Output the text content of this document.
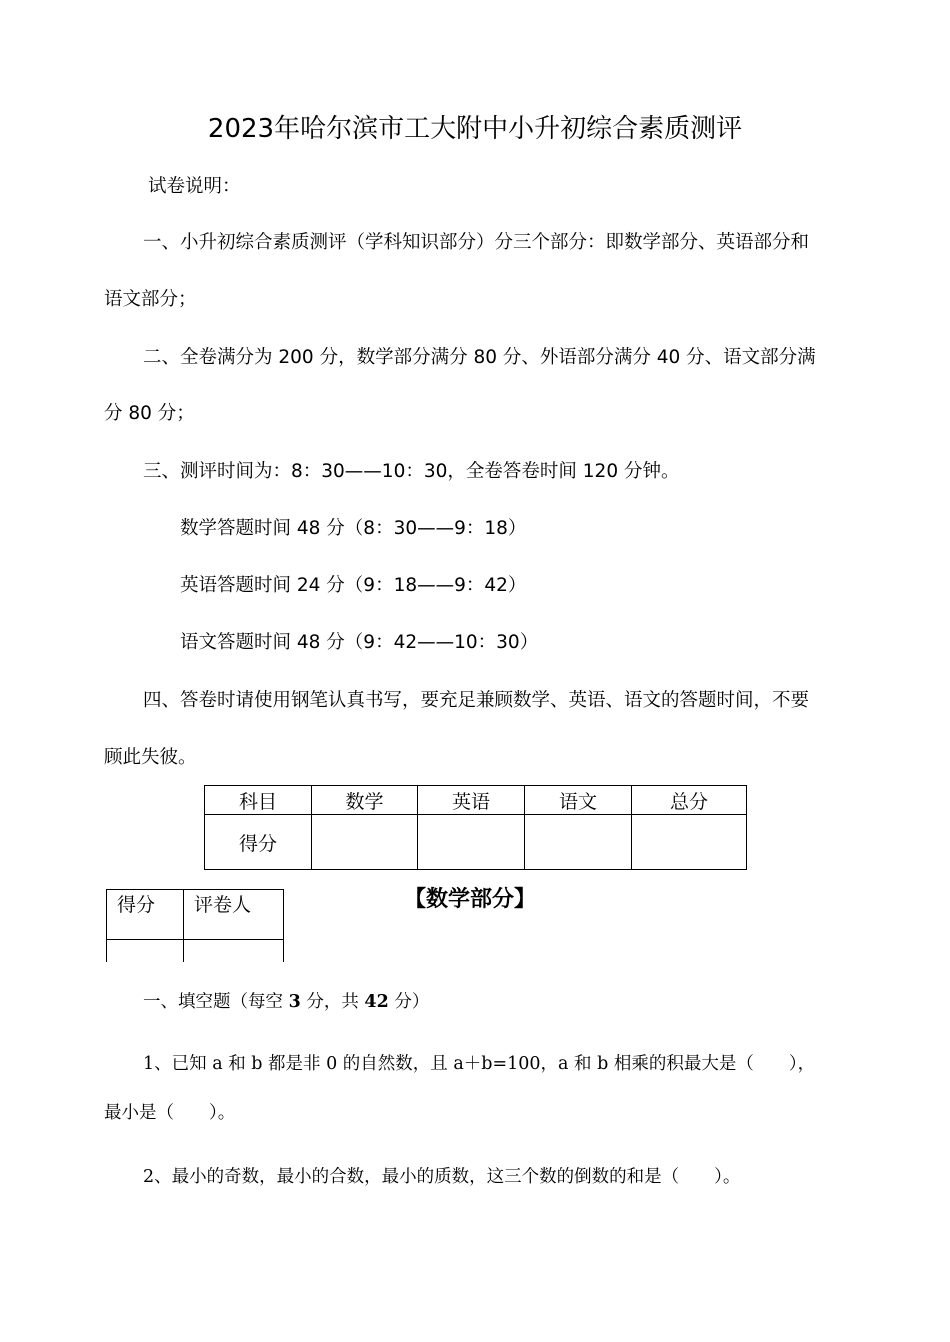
2023年哈尔滨市工大附中小升初综合素质测评
试卷说明：
一、小升初综合素质测评（学科知识部分）分三个部分：即数学部分、英语部分和
语文部分；
二、全卷满分为 200 分，数学部分满分 80 分、外语部分满分 40 分、语文部分满
分 80 分；
三、测评时间为：8：30——10：30，全卷答卷时间 120 分钟。
数学答题时间 48 分（8：30——9：18）
英语答题时间 24 分（9：18——9：42）
语文答题时间 48 分（9：42——10：30）
四、答卷时请使用钢笔认真书写，要充足兼顾数学、英语、语文的答题时间，不要
顾此失彼。
科目	数学	英语	语文	总分
得分				
得分	评卷人
		【数学部分】
一、填空题（每空 3 分，共 42 分）
1、已知 a 和 b 都是非 0 的自然数，且 a＋b=100，a 和 b 相乘的积最大是（　　），
最小是（　　）。
2、最小的奇数，最小的合数，最小的质数，这三个数的倒数的和是（　　）。
